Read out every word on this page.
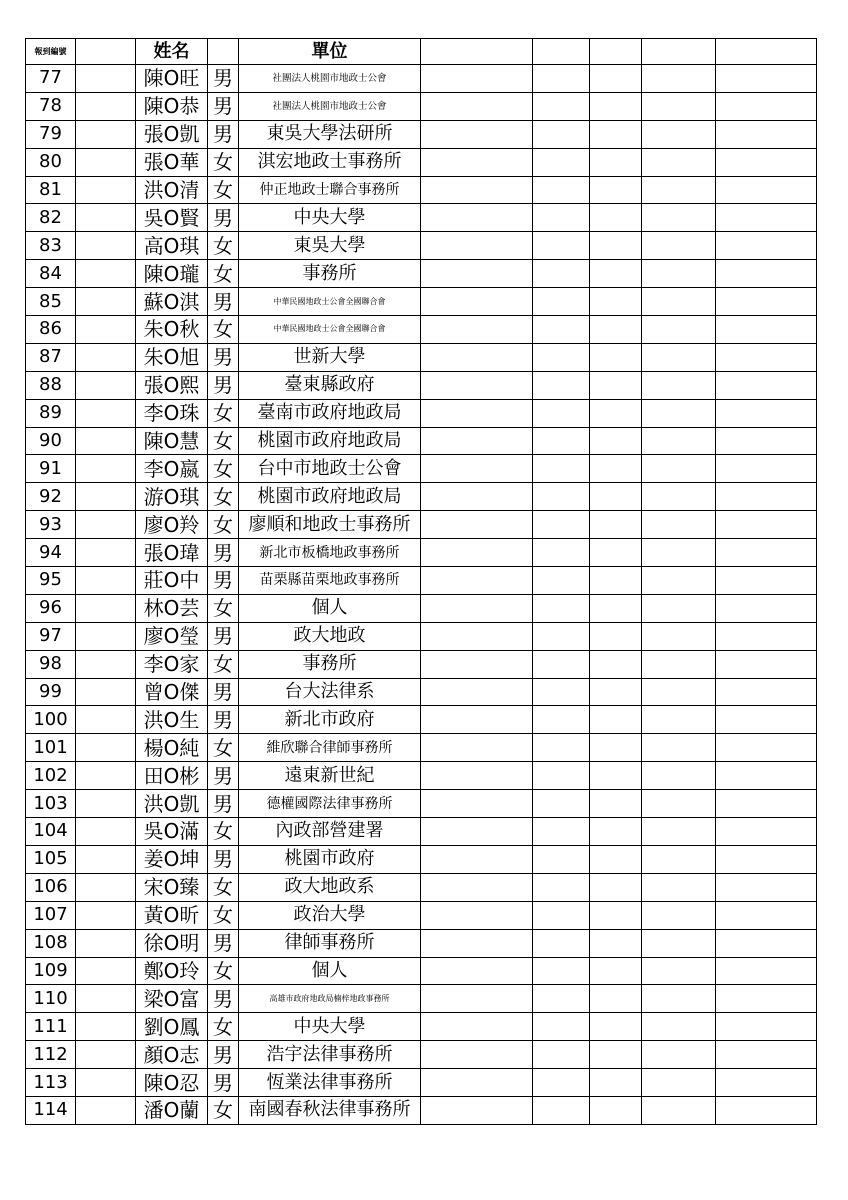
報到編號		姓名		單位					
77		陳O旺	男	社團法人桃園市地政士公會					
78		陳O恭	男	社團法人桃園市地政士公會					
79		張O凱	男	東吳大學法研所					
80		張O華	女	淇宏地政士事務所					
81		洪O清	女	仲正地政士聯合事務所					
82		吳O賢	男	中央大學					
83		高O琪	女	東吳大學					
84		陳O瓏	女	事務所					
85		蘇O淇	男	中華民國地政士公會全國聯合會					
86		朱O秋	女	中華民國地政士公會全國聯合會					
87		朱O旭	男	世新大學					
88		張O熙	男	臺東縣政府					
89		李O珠	女	臺南市政府地政局					
90		陳O慧	女	桃園市政府地政局					
91		李O嬴	女	台中市地政士公會					
92		游O琪	女	桃園市政府地政局					
93		廖O羚	女	廖順和地政士事務所					
94		張O瑋	男	新北市板橋地政事務所					
95		莊O中	男	苗栗縣苗栗地政事務所					
96		林O芸	女	個人					
97		廖O瑩	男	政大地政					
98		李O家	女	事務所					
99		曾O傑	男	台大法律系					
100		洪O生	男	新北市政府					
101		楊O純	女	維欣聯合律師事務所					
102		田O彬	男	遠東新世紀					
103		洪O凱	男	德權國際法律事務所					
104		吳O滿	女	內政部營建署					
105		姜O坤	男	桃園市政府					
106		宋O臻	女	政大地政系					
107		黃O昕	女	政治大學					
108		徐O明	男	律師事務所					
109		鄭O玲	女	個人					
110		梁O富	男	高雄市政府地政局楠梓地政事務所					
111		劉O鳳	女	中央大學					
112		顏O志	男	浩宇法律事務所					
113		陳O忍	男	恆業法律事務所					
114		潘O蘭	女	南國春秋法律事務所					
